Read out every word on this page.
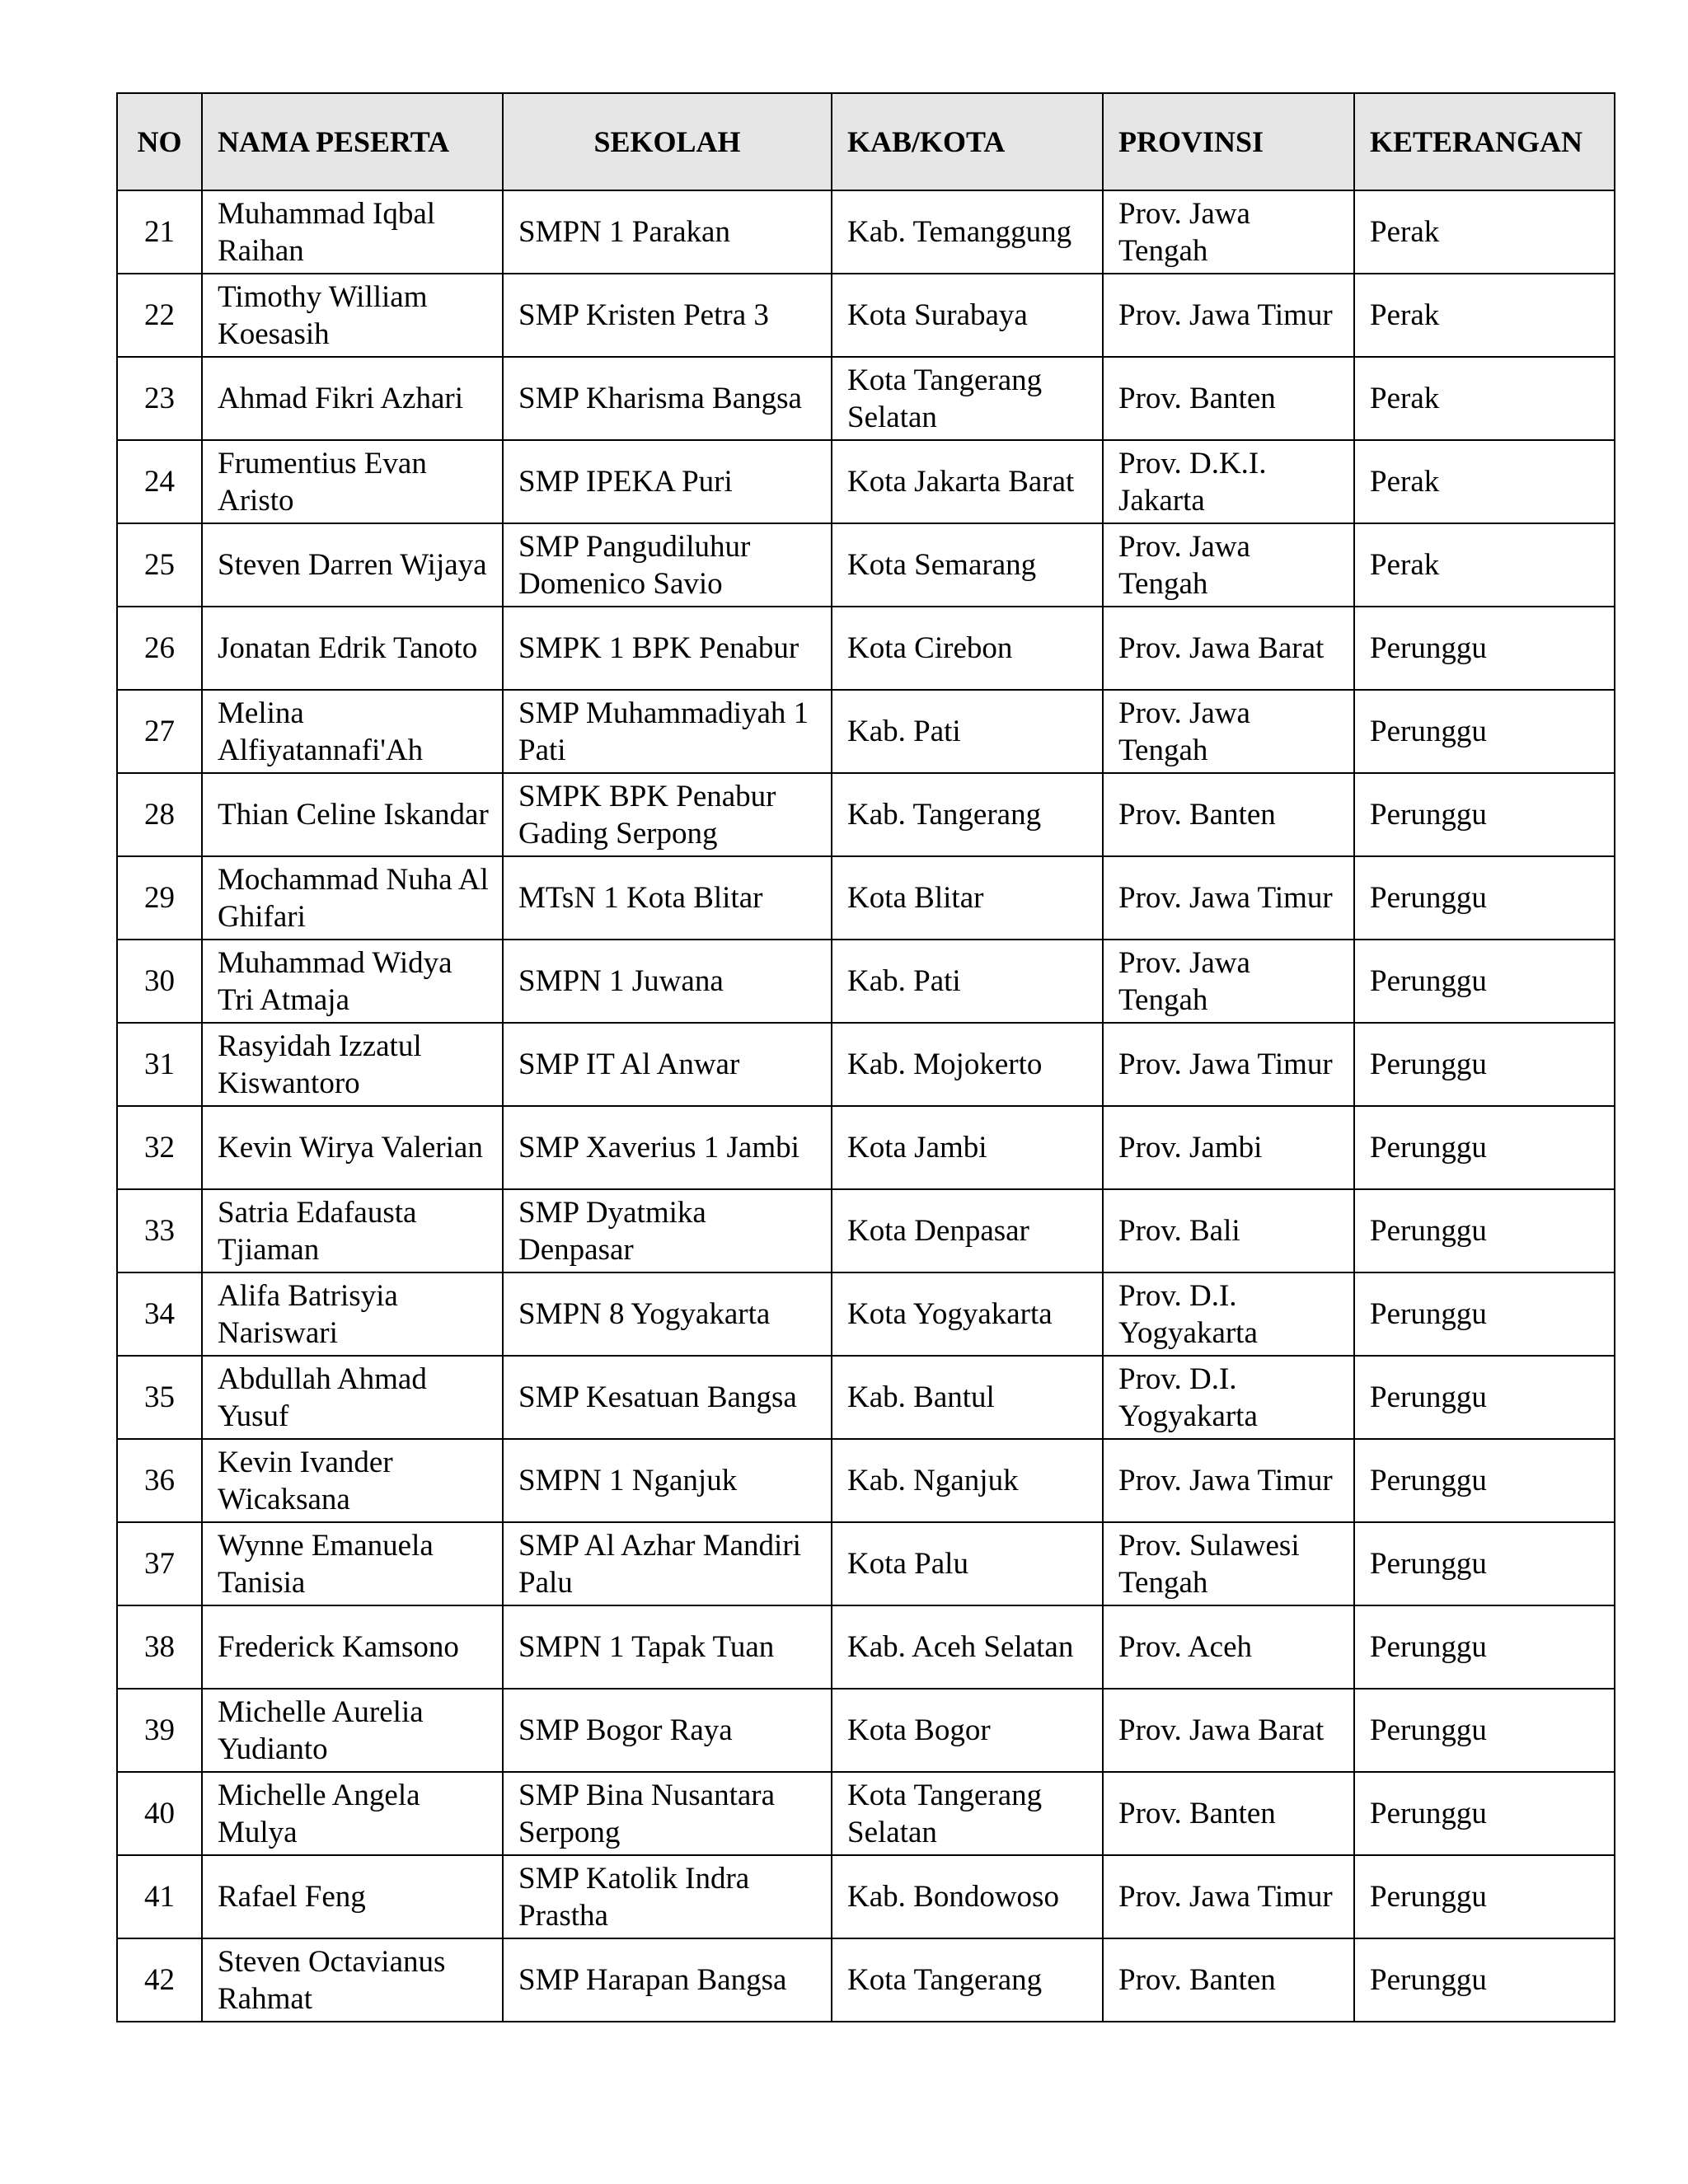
NO	NAMA PESERTA	SEKOLAH	KAB/KOTA	PROVINSI	KETERANGAN
21	Muhammad Iqbal Raihan	SMPN 1 Parakan	Kab. Temanggung	Prov. Jawa Tengah	Perak
22	Timothy William Koesasih	SMP Kristen Petra 3	Kota Surabaya	Prov. Jawa Timur	Perak
23	Ahmad Fikri Azhari	SMP Kharisma Bangsa	Kota Tangerang Selatan	Prov. Banten	Perak
24	Frumentius Evan Aristo	SMP IPEKA Puri	Kota Jakarta Barat	Prov. D.K.I. Jakarta	Perak
25	Steven Darren Wijaya	SMP Pangudiluhur Domenico Savio	Kota Semarang	Prov. Jawa Tengah	Perak
26	Jonatan Edrik Tanoto	SMPK 1 BPK Penabur	Kota Cirebon	Prov. Jawa Barat	Perunggu
27	Melina Alfiyatannafi'Ah	SMP Muhammadiyah 1 Pati	Kab. Pati	Prov. Jawa Tengah	Perunggu
28	Thian Celine Iskandar	SMPK BPK Penabur Gading Serpong	Kab. Tangerang	Prov. Banten	Perunggu
29	Mochammad Nuha Al Ghifari	MTsN 1 Kota Blitar	Kota Blitar	Prov. Jawa Timur	Perunggu
30	Muhammad Widya Tri Atmaja	SMPN 1 Juwana	Kab. Pati	Prov. Jawa Tengah	Perunggu
31	Rasyidah Izzatul Kiswantoro	SMP IT Al Anwar	Kab. Mojokerto	Prov. Jawa Timur	Perunggu
32	Kevin Wirya Valerian	SMP Xaverius 1 Jambi	Kota Jambi	Prov. Jambi	Perunggu
33	Satria Edafausta Tjiaman	SMP Dyatmika Denpasar	Kota Denpasar	Prov. Bali	Perunggu
34	Alifa Batrisyia Nariswari	SMPN 8 Yogyakarta	Kota Yogyakarta	Prov. D.I. Yogyakarta	Perunggu
35	Abdullah Ahmad Yusuf	SMP Kesatuan Bangsa	Kab. Bantul	Prov. D.I. Yogyakarta	Perunggu
36	Kevin Ivander Wicaksana	SMPN 1 Nganjuk	Kab. Nganjuk	Prov. Jawa Timur	Perunggu
37	Wynne Emanuela Tanisia	SMP Al Azhar Mandiri Palu	Kota Palu	Prov. Sulawesi Tengah	Perunggu
38	Frederick Kamsono	SMPN 1 Tapak Tuan	Kab. Aceh Selatan	Prov. Aceh	Perunggu
39	Michelle Aurelia Yudianto	SMP Bogor Raya	Kota Bogor	Prov. Jawa Barat	Perunggu
40	Michelle Angela Mulya	SMP Bina Nusantara Serpong	Kota Tangerang Selatan	Prov. Banten	Perunggu
41	Rafael Feng	SMP Katolik Indra Prastha	Kab. Bondowoso	Prov. Jawa Timur	Perunggu
42	Steven Octavianus Rahmat	SMP Harapan Bangsa	Kota Tangerang	Prov. Banten	Perunggu
